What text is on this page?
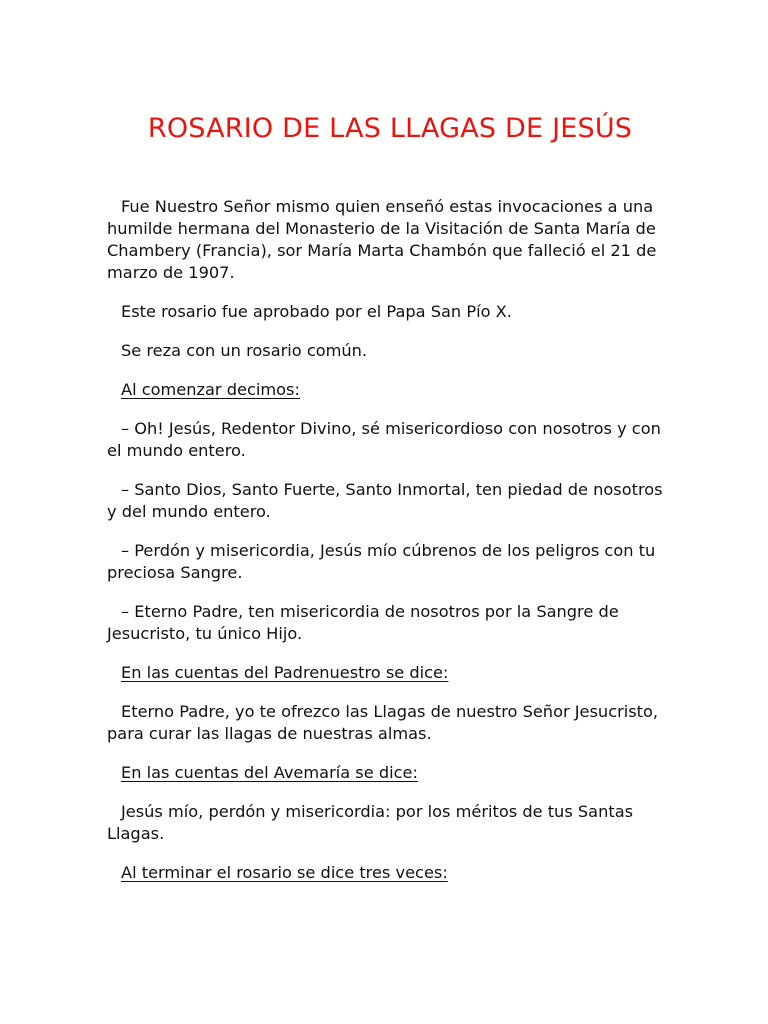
ROSARIO DE LAS LLAGAS DE JESÚS

Fue Nuestro Señor mismo quien enseñó estas invocaciones a una humilde hermana del Monasterio de la Visitación de Santa María de Chambery (Francia), sor María Marta Chambón que falleció el 21 de marzo de 1907.

Este rosario fue aprobado por el Papa San Pío X.

Se reza con un rosario común.

Al comenzar decimos:

– Oh! Jesús, Redentor Divino, sé misericordioso con nosotros y con el mundo entero.

– Santo Dios, Santo Fuerte, Santo Inmortal, ten piedad de nosotros y del mundo entero.

– Perdón y misericordia, Jesús mío cúbrenos de los peligros con tu preciosa Sangre.

– Eterno Padre, ten misericordia de nosotros por la Sangre de Jesucristo, tu único Hijo.

En las cuentas del Padrenuestro se dice:

Eterno Padre, yo te ofrezco las Llagas de nuestro Señor Jesucristo, para curar las llagas de nuestras almas.

En las cuentas del Avemaría se dice:

Jesús mío, perdón y misericordia: por los méritos de tus Santas Llagas.

Al terminar el rosario se dice tres veces:
